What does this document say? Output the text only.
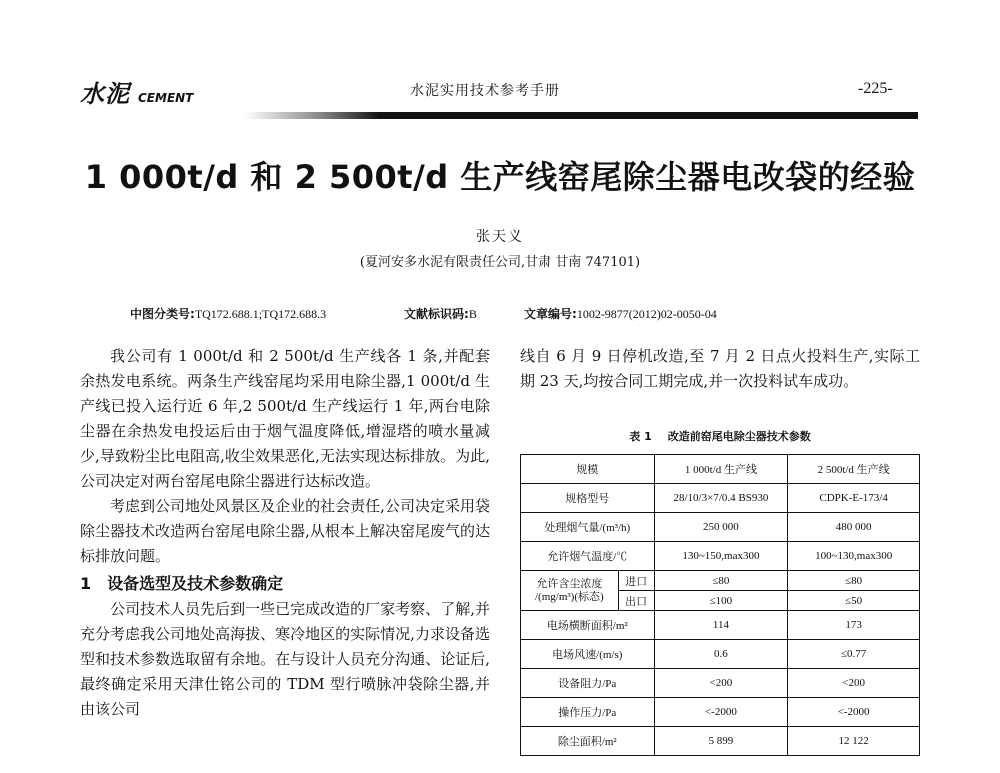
水泥 CEMENT	水泥实用技术参考手册	-225-
1 000t/d 和 2 500t/d 生产线窑尾除尘器电改袋的经验
张天义
(夏河安多水泥有限责任公司,甘肃 甘南 747101)
中图分类号:TQ172.688.1;TQ172.688.3	文献标识码:B	文章编号:1002-9877(2012)02-0050-04

我公司有 1 000t/d 和 2 500t/d 生产线各 1 条,并配套余热发电系统。两条生产线窑尾均采用电除尘器,1 000t/d 生产线已投入运行近 6 年,2 500t/d 生产线运行 1 年,两台电除尘器在余热发电投运后由于烟气温度降低,增湿塔的喷水量减少,导致粉尘比电阻高,收尘效果恶化,无法实现达标排放。为此,公司决定对两台窑尾电除尘器进行达标改造。

考虑到公司地处风景区及企业的社会责任,公司决定采用袋除尘器技术改造两台窑尾电除尘器,从根本上解决窑尾废气的达标排放问题。

1 设备选型及技术参数确定

公司技术人员先后到一些已完成改造的厂家考察、了解,并充分考虑我公司地处高海拔、寒冷地区的实际情况,力求设备选型和技术参数选取留有余地。在与设计人员充分沟通、论证后,最终确定采用天津仕铭公司的 TDM 型行喷脉冲袋除尘器,并由该公司

线自 6 月 9 日停机改造,至 7 月 2 日点火投料生产,实际工期 23 天,均按合同工期完成,并一次投料试车成功。

表 1 改造前窑尾电除尘器技术参数
规模		1 000t/d 生产线	2 500t/d 生产线
规格型号		28/10/3×7/0.4 BS930	CDPK-E-173/4
处理烟气量/(m³/h)		250 000	480 000
允许烟气温度/℃		130~150,max300	100~130,max300
允许含尘浓度
/(mg/m³)(标态)	进口	≤80	≤80
	出口	≤100	≤50
电场横断面积/m²		114	173
电场风速/(m/s)		0.6	≤0.77
设备阻力/Pa		<200	<200
操作压力/Pa		<-2000	<-2000
除尘面积/m²		5 899	12 122
